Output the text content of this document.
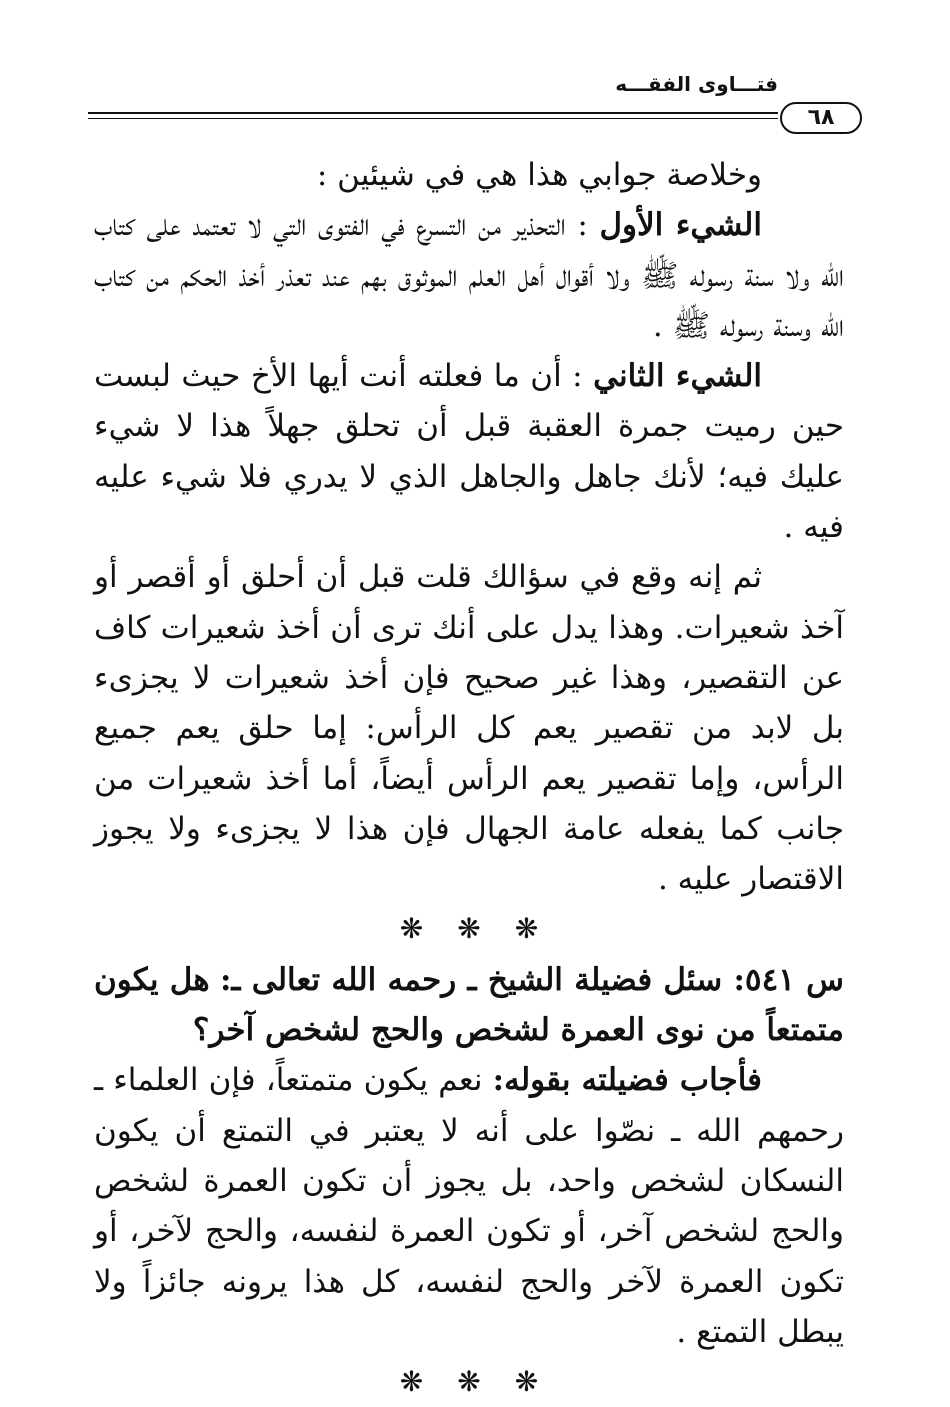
فتـــاوى الفقـــه
٦٨

وخلاصة جوابي هذا هي في شيئين :

الشيء الأول : التحذير من التسرع في الفتوى التي لا تعتمد على كتاب الله ولا سنة رسوله ﷺ ولا أقوال أهل العلم الموثوق بهم عند تعذر أخذ الحكم من كتاب الله وسنة رسوله ﷺ .

الشيء الثاني : أن ما فعلته أنت أيها الأخ حيث لبست حين رميت جمرة العقبة قبل أن تحلق جهلاً هذا لا شيء عليك فيه؛ لأنك جاهل والجاهل الذي لا يدري فلا شيء عليه فيه .

ثم إنه وقع في سؤالك قلت قبل أن أحلق أو أقصر أو آخذ شعيرات. وهذا يدل على أنك ترى أن أخذ شعيرات كاف عن التقصير، وهذا غير صحيح فإن أخذ شعيرات لا يجزىء بل لابد من تقصير يعم كل الرأس: إما حلق يعم جميع الرأس، وإما تقصير يعم الرأس أيضاً، أما أخذ شعيرات من جانب كما يفعله عامة الجهال فإن هذا لا يجزىء ولا يجوز الاقتصار عليه .

❋❋❋

س ٥٤١: سئل فضيلة الشيخ ـ رحمه الله تعالى ـ: هل يكون متمتعاً من نوى العمرة لشخص والحج لشخص آخر؟

فأجاب فضيلته بقوله: نعم يكون متمتعاً، فإن العلماء ـ رحمهم الله ـ نصّوا على أنه لا يعتبر في التمتع أن يكون النسكان لشخص واحد، بل يجوز أن تكون العمرة لشخص والحج لشخص آخر، أو تكون العمرة لنفسه، والحج لآخر، أو تكون العمرة لآخر والحج لنفسه، كل هذا يرونه جائزاً ولا يبطل التمتع .

❋❋❋
